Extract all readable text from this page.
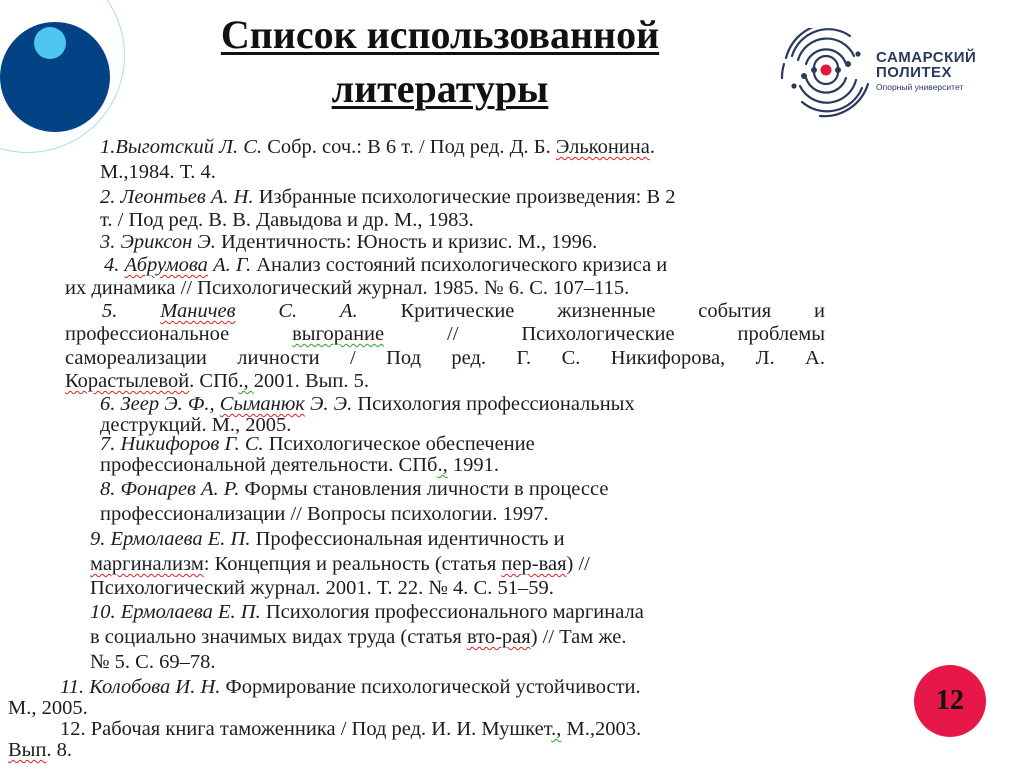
Список использованной
литературы
САМАРСКИЙ
ПОЛИТЕХ
Опорный университет
1.Выготский Л. С. Собр. соч.: В 6 т. / Под ред. Д. Б. Эльконина.
М.,1984. Т. 4.
2. Леонтьев А. Н. Избранные психологические произведения: В 2
т. / Под ред. В. В. Давыдова и др. М., 1983.
3. Эриксон Э. Идентичность: Юность и кризис. М., 1996.
4. Абрумова А. Г. Анализ состояний психологического кризиса и
их динамика // Психологический журнал. 1985. № 6. С. 107–115.
5. Маничев С. А. Критические жизненные события и
профессиональное выгорание // Психологические проблемы
самореализации личности / Под ред. Г. С. Никифорова, Л. А.
Корастылевой. СПб., 2001. Вып. 5.
6. Зеер Э. Ф., Сыманюк Э. Э. Психология профессиональных
деструкций. М., 2005.
7. Никифоров Г. С. Психологическое обеспечение
профессиональной деятельности. СПб., 1991.
8. Фонарев А. Р. Формы становления личности в процессе
профессионализации // Вопросы психологии. 1997.
9. Ермолаева Е. П. Профессиональная идентичность и
маргинализм: Концепция и реальность (статья пер-вая) //
Психологический журнал. 2001. Т. 22. № 4. С. 51–59.
10. Ермолаева Е. П. Психология профессионального маргинала
в социально значимых видах труда (статья вто-рая) // Там же.
№ 5. С. 69–78.
11. Колобова И. Н. Формирование психологической устойчивости.
М., 2005.
12. Рабочая книга таможенника / Под ред. И. И. Мушкет., М.,2003.
Вып. 8.
12
